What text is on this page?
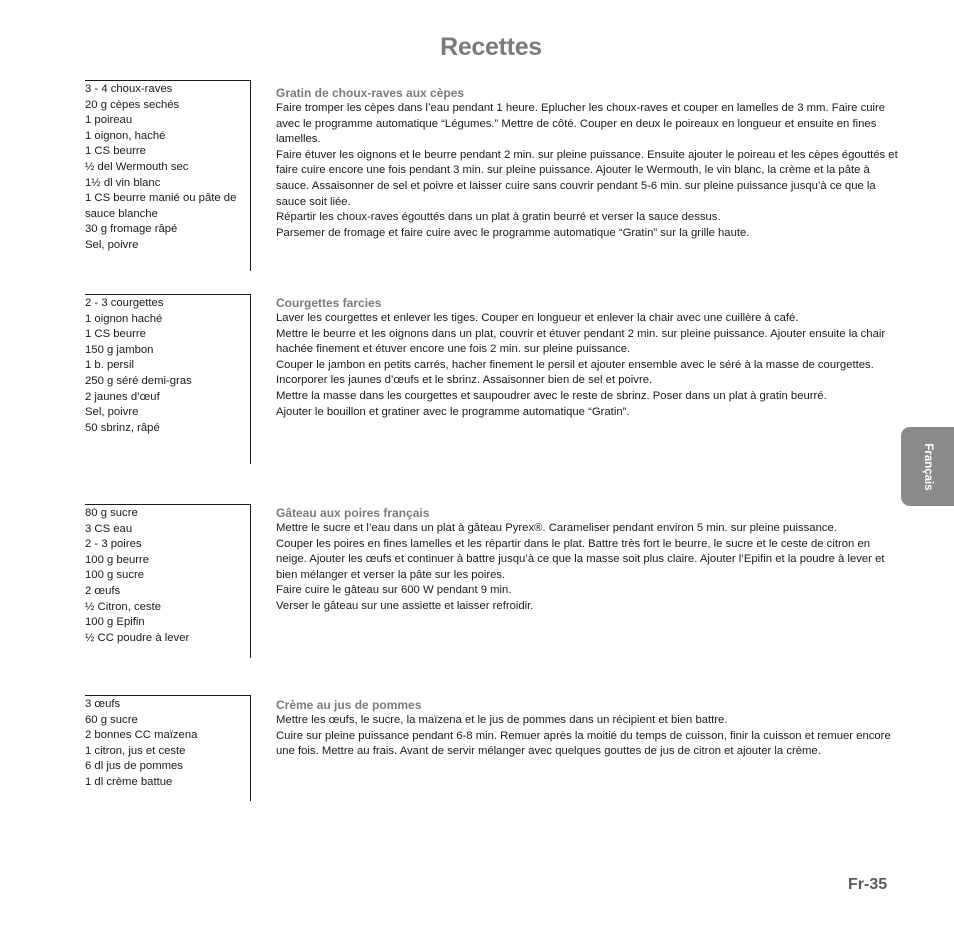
Recettes
3 - 4 choux-raves
20 g cèpes sechés
1 poireau
1 oignon, haché
1 CS beurre
½ del Wermouth sec
1½ dl vin blanc
1 CS beurre manié ou pâte de sauce blanche
30 g fromage râpé
Sel, poivre
Gratin de choux-raves aux cèpes

Faire tromper les cèpes dans l’eau pendant 1 heure. Eplucher les choux-raves et couper en lamelles de 3 mm. Faire cuire avec le programme automatique “Légumes.” Mettre de côté. Couper en deux le poireaux en longueur et ensuite en fines lamelles.

Faire étuver les oignons et le beurre pendant 2 min. sur pleine puissance. Ensuite ajouter le poireau et les cèpes égouttés et faire cuire encore une fois pendant 3 min. sur pleine puissance. Ajouter le Wermouth, le vin blanc, la crème et la pâte à sauce. Assaisonner de sel et poivre et laisser cuire sans couvrir pendant 5-6 min. sur pleine puissance jusqu’à ce que la sauce soit liée.

Répartir les choux-raves égouttés dans un plat à gratin beurré et verser la sauce dessus.

Parsemer de fromage et faire cuire avec le programme automatique “Gratin” sur la grille haute.

2 - 3 courgettes
1 oignon haché
1 CS beurre
150 g jambon
1 b. persil
250 g séré demi-gras
2 jaunes d’œuf
Sel, poivre
50 sbrinz, râpé
Courgettes farcies

Laver les courgettes et enlever les tiges. Couper en longueur et enlever la chair avec une cuillère à café.

Mettre le beurre et les oignons dans un plat, couvrir et étuver pendant 2 min. sur pleine puissance. Ajouter ensuite la chair hachée finement et étuver encore une fois 2 min. sur pleine puissance.

Couper le jambon en petits carrés, hacher finement le persil et ajouter ensemble avec le séré à la masse de courgettes. Incorporer les jaunes d’œufs et le sbrinz. Assaisonner bien de sel et poivre.

Mettre la masse dans les courgettes et saupoudrer avec le reste de sbrinz. Poser dans un plat à gratin beurré.

Ajouter le bouillon et gratiner avec le programme automatique “Gratin”.

80 g sucre
3 CS eau
2 - 3 poires
100 g beurre
100 g sucre
2 œufs
½ Citron, ceste
100 g Epifin
½ CC poudre à lever
Gâteau aux poires français

Mettre le sucre et l’eau dans un plat à gâteau Pyrex®. Carameliser pendant environ 5 min. sur pleine puissance.

Couper les poires en fines lamelles et les répartir dans le plat. Battre très fort le beurre, le sucre et le ceste de citron en neige. Ajouter les œufs et continuer à battre jusqu’à ce que la masse soit plus claire. Ajouter l’Epifin et la poudre à lever et bien mélanger et verser la pâte sur les poires.

Faire cuire le gâteau sur 600 W pendant 9 min.

Verser le gâteau sur une assiette et laisser refroidir.

3 œufs
60 g sucre
2 bonnes CC maïzena
1 citron, jus et ceste
6 dl jus de pommes
1 dl crème battue
Crème au jus de pommes

Mettre les œufs, le sucre, la maïzena et le jus de pommes dans un récipient et bien battre.

Cuire sur pleine puissance pendant 6-8 min. Remuer après la moitié du temps de cuisson, finir la cuisson et remuer encore une fois. Mettre au frais. Avant de servir mélanger avec quelques gouttes de jus de citron et ajouter la crème.

Français
Fr-35
